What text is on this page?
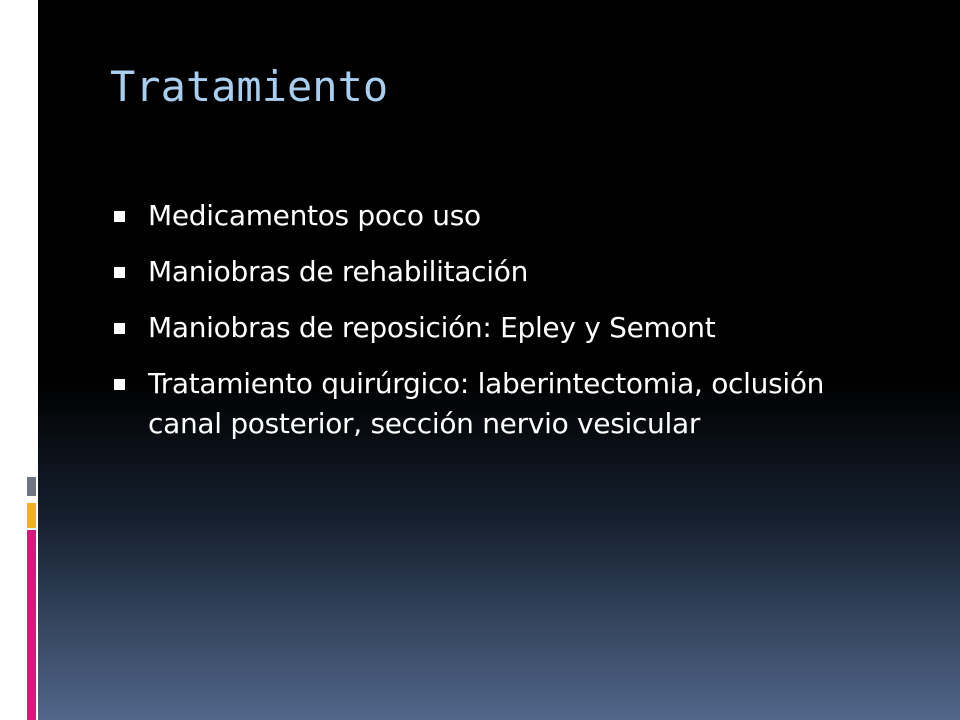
Tratamiento
Medicamentos poco uso
Maniobras de rehabilitación
Maniobras de reposición: Epley y Semont
Tratamiento quirúrgico: laberintectomia, oclusión canal posterior, sección nervio vesicular
